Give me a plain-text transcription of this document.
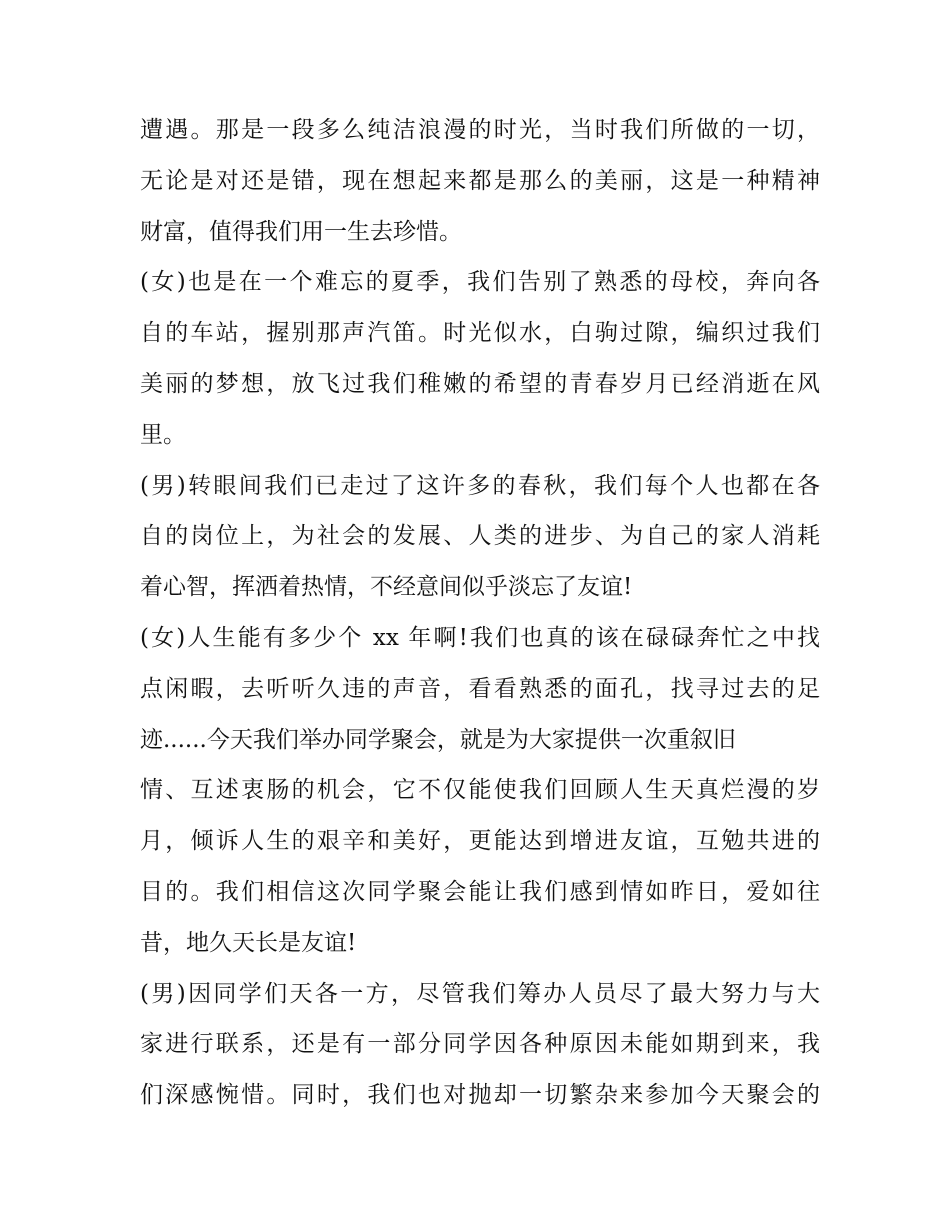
遭遇。那是一段多么纯洁浪漫的时光，当时我们所做的一切，
无论是对还是错，现在想起来都是那么的美丽，这是一种精神
财富，值得我们用一生去珍惜。
(女)也是在一个难忘的夏季，我们告别了熟悉的母校，奔向各
自的车站，握别那声汽笛。时光似水，白驹过隙，编织过我们
美丽的梦想，放飞过我们稚嫩的希望的青春岁月已经消逝在风
里。
(男)转眼间我们已走过了这许多的春秋，我们每个人也都在各
自的岗位上，为社会的发展、人类的进步、为自己的家人消耗
着心智，挥洒着热情，不经意间似乎淡忘了友谊!
(女)人生能有多少个 xx 年啊!我们也真的该在碌碌奔忙之中找
点闲暇，去听听久违的声音，看看熟悉的面孔，找寻过去的足
迹......今天我们举办同学聚会，就是为大家提供一次重叙旧
情、互述衷肠的机会，它不仅能使我们回顾人生天真烂漫的岁
月，倾诉人生的艰辛和美好，更能达到增进友谊，互勉共进的
目的。我们相信这次同学聚会能让我们感到情如昨日，爱如往
昔，地久天长是友谊!
(男)因同学们天各一方，尽管我们筹办人员尽了最大努力与大
家进行联系，还是有一部分同学因各种原因未能如期到来，我
们深感惋惜。同时，我们也对抛却一切繁杂来参加今天聚会的
